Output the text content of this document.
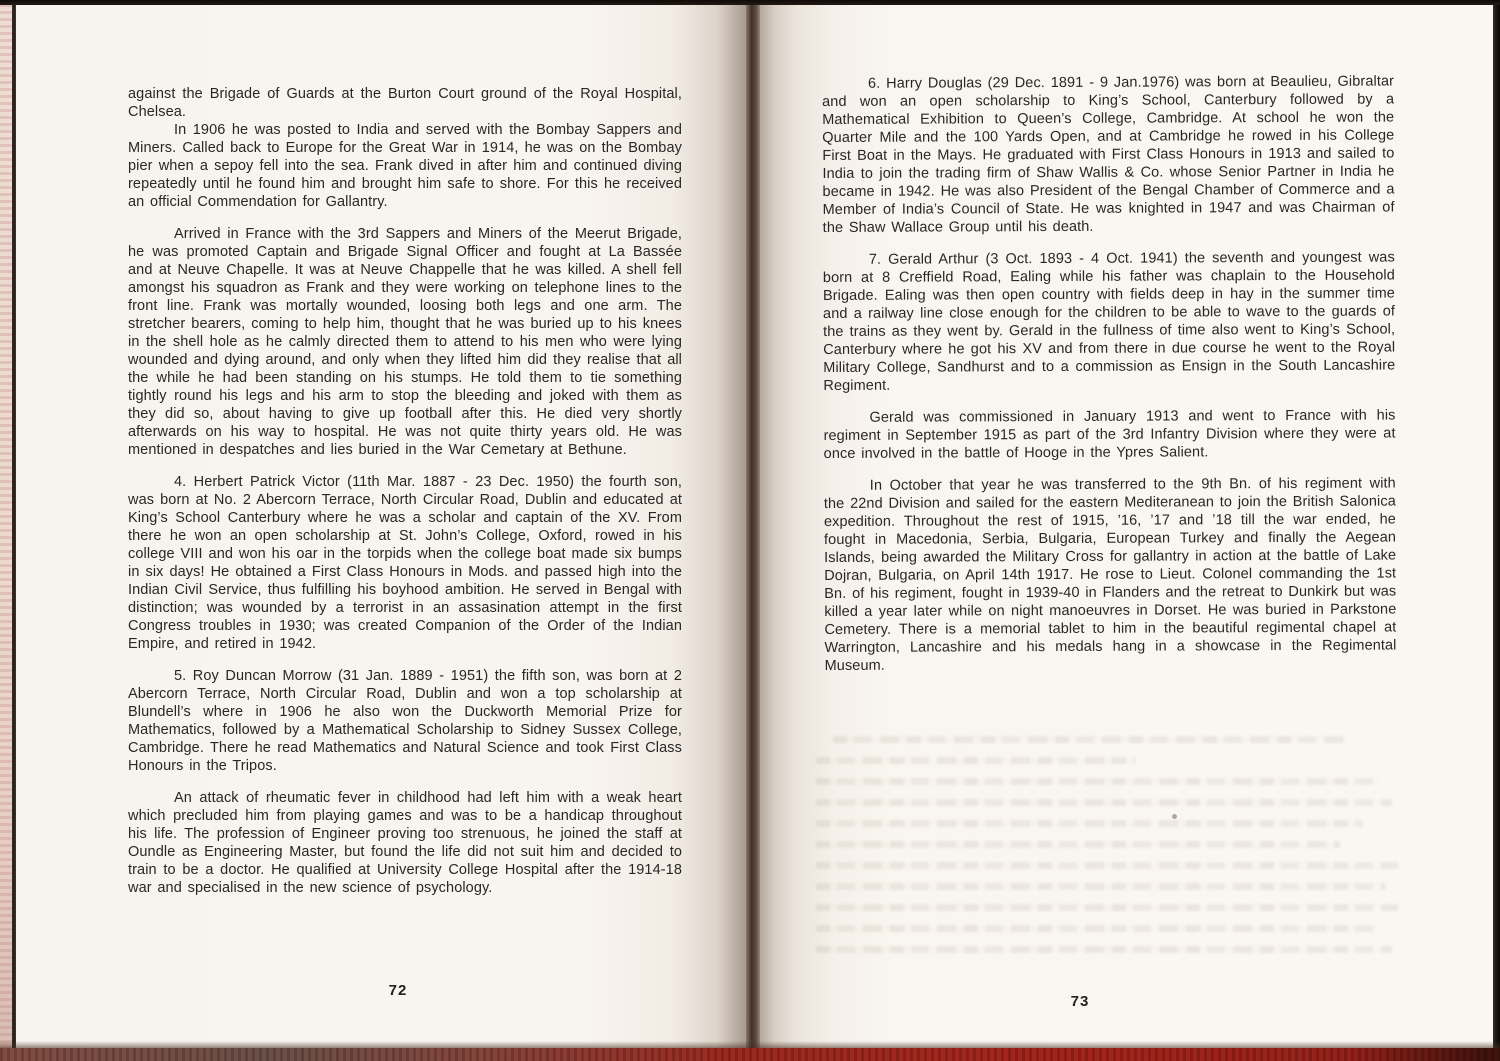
against the Brigade of Guards at the Burton Court ground of the Royal Hospital, Chelsea.

In 1906 he was posted to India and served with the Bombay Sappers and Miners. Called back to Europe for the Great War in 1914, he was on the Bombay pier when a sepoy fell into the sea. Frank dived in after him and continued diving repeatedly until he found him and brought him safe to shore. For this he received an official Commendation for Gallantry.

Arrived in France with the 3rd Sappers and Miners of the Meerut Brigade, he was promoted Captain and Brigade Signal Officer and fought at La Bassée and at Neuve Chapelle. It was at Neuve Chappelle that he was killed. A shell fell amongst his squadron as Frank and they were working on telephone lines to the front line. Frank was mortally wounded, loosing both legs and one arm. The stretcher bearers, coming to help him, thought that he was buried up to his knees in the shell hole as he calmly directed them to attend to his men who were lying wounded and dying around, and only when they lifted him did they realise that all the while he had been standing on his stumps. He told them to tie something tightly round his legs and his arm to stop the bleeding and joked with them as they did so, about having to give up football after this. He died very shortly afterwards on his way to hospital. He was not quite thirty years old. He was mentioned in despatches and lies buried in the War Cemetary at Bethune.

4. Herbert Patrick Victor (11th Mar. 1887 - 23 Dec. 1950) the fourth son, was born at No. 2 Abercorn Terrace, North Circular Road, Dublin and educated at King’s School Canterbury where he was a scholar and captain of the XV. From there he won an open scholarship at St. John’s College, Oxford, rowed in his college VIII and won his oar in the torpids when the college boat made six bumps in six days! He obtained a First Class Honours in Mods. and passed high into the Indian Civil Service, thus fulfilling his boyhood ambition. He served in Bengal with distinction; was wounded by a terrorist in an assasination attempt in the first Congress troubles in 1930; was created Companion of the Order of the Indian Empire, and retired in 1942.

5. Roy Duncan Morrow (31 Jan. 1889 - 1951) the fifth son, was born at 2 Abercorn Terrace, North Circular Road, Dublin and won a top scholarship at Blundell’s where in 1906 he also won the Duckworth Memorial Prize for Mathematics, followed by a Mathematical Scholarship to Sidney Sussex College, Cambridge. There he read Mathematics and Natural Science and took First Class Honours in the Tripos.

An attack of rheumatic fever in childhood had left him with a weak heart which precluded him from playing games and was to be a handicap throughout his life. The profession of Engineer proving too strenuous, he joined the staff at Oundle as Engineering Master, but found the life did not suit him and decided to train to be a doctor. He qualified at University College Hospital after the 1914-18 war and specialised in the new science of psychology.

72

6. Harry Douglas (29 Dec. 1891 - 9 Jan.1976) was born at Beaulieu, Gibraltar and won an open scholarship to King’s School, Canterbury followed by a Mathematical Exhibition to Queen’s College, Cambridge. At school he won the Quarter Mile and the 100 Yards Open, and at Cambridge he rowed in his College First Boat in the Mays. He graduated with First Class Honours in 1913 and sailed to India to join the trading firm of Shaw Wallis & Co. whose Senior Partner in India he became in 1942. He was also President of the Bengal Chamber of Commerce and a Member of India’s Council of State. He was knighted in 1947 and was Chairman of the Shaw Wallace Group until his death.

7. Gerald Arthur (3 Oct. 1893 - 4 Oct. 1941) the seventh and youngest was born at 8 Creffield Road, Ealing while his father was chaplain to the Household Brigade. Ealing was then open country with fields deep in hay in the summer time and a railway line close enough for the children to be able to wave to the guards of the trains as they went by. Gerald in the fullness of time also went to King’s School, Canterbury where he got his XV and from there in due course he went to the Royal Military College, Sandhurst and to a commission as Ensign in the South Lancashire Regiment.

Gerald was commissioned in January 1913 and went to France with his regiment in September 1915 as part of the 3rd Infantry Division where they were at once involved in the battle of Hooge in the Ypres Salient.

In October that year he was transferred to the 9th Bn. of his regiment with the 22nd Division and sailed for the eastern Mediteranean to join the British Salonica expedition. Throughout the rest of 1915, ’16, ’17 and ’18 till the war ended, he fought in Macedonia, Serbia, Bulgaria, European Turkey and finally the Aegean Islands, being awarded the Military Cross for gallantry in action at the battle of Lake Dojran, Bulgaria, on April 14th 1917. He rose to Lieut. Colonel commanding the 1st Bn. of his regiment, fought in 1939-40 in Flanders and the retreat to Dunkirk but was killed a year later while on night manoeuvres in Dorset. He was buried in Parkstone Cemetery. There is a memorial tablet to him in the beautiful regimental chapel at Warrington, Lancashire and his medals hang in a showcase in the Regimental Museum.

73
